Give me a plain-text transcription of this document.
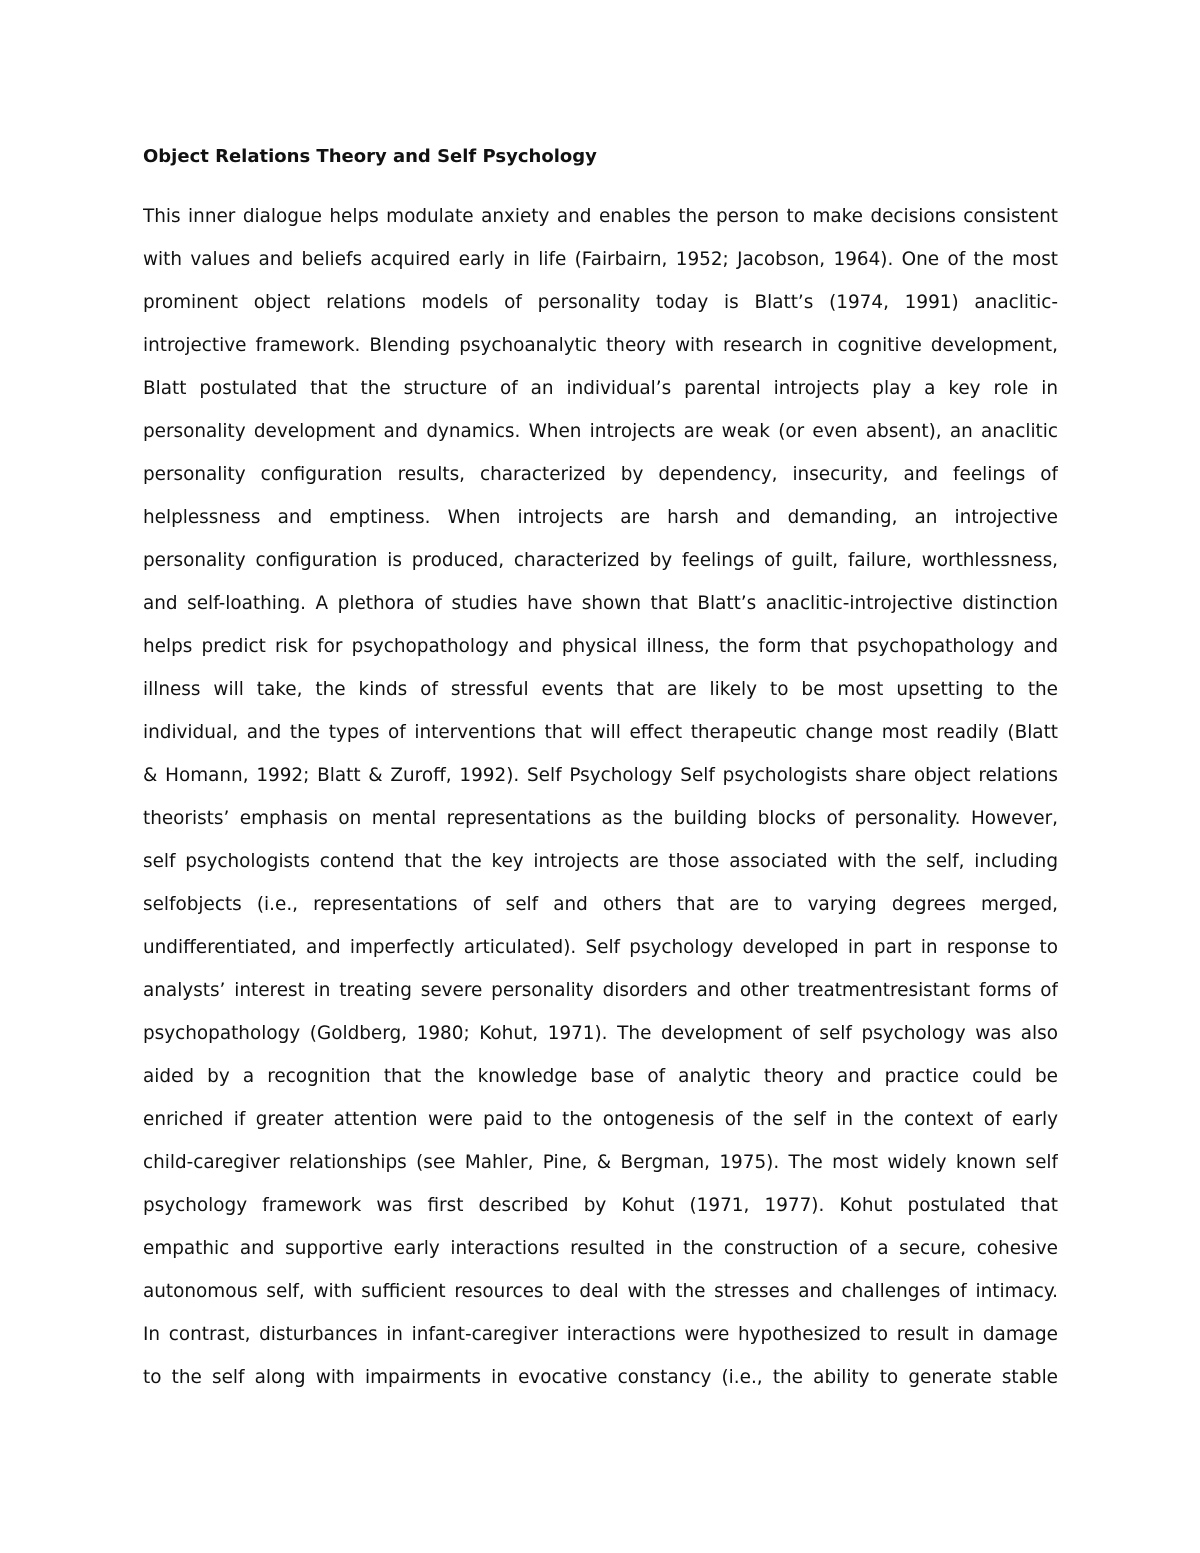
Object Relations Theory and Self Psychology
This inner dialogue helps modulate anxiety and enables the person to make decisions consistent
with values and beliefs acquired early in life (Fairbairn, 1952; Jacobson, 1964). One of the most
prominent object relations models of personality today is Blatt’s (1974, 1991) anaclitic-
introjective framework. Blending psychoanalytic theory with research in cognitive development,
Blatt postulated that the structure of an individual’s parental introjects play a key role in
personality development and dynamics. When introjects are weak (or even absent), an anaclitic
personality configuration results, characterized by dependency, insecurity, and feelings of
helplessness and emptiness. When introjects are harsh and demanding, an introjective
personality configuration is produced, characterized by feelings of guilt, failure, worthlessness,
and self-loathing. A plethora of studies have shown that Blatt’s anaclitic-introjective distinction
helps predict risk for psychopathology and physical illness, the form that psychopathology and
illness will take, the kinds of stressful events that are likely to be most upsetting to the
individual, and the types of interventions that will effect therapeutic change most readily (Blatt
& Homann, 1992; Blatt & Zuroff, 1992). Self Psychology Self psychologists share object relations
theorists’ emphasis on mental representations as the building blocks of personality. However,
self psychologists contend that the key introjects are those associated with the self, including
selfobjects (i.e., representations of self and others that are to varying degrees merged,
undifferentiated, and imperfectly articulated). Self psychology developed in part in response to
analysts’ interest in treating severe personality disorders and other treatmentresistant forms of
psychopathology (Goldberg, 1980; Kohut, 1971). The development of self psychology was also
aided by a recognition that the knowledge base of analytic theory and practice could be
enriched if greater attention were paid to the ontogenesis of the self in the context of early
child-caregiver relationships (see Mahler, Pine, & Bergman, 1975). The most widely known self
psychology framework was first described by Kohut (1971, 1977). Kohut postulated that
empathic and supportive early interactions resulted in the construction of a secure, cohesive
autonomous self, with sufficient resources to deal with the stresses and challenges of intimacy.
In contrast, disturbances in infant-caregiver interactions were hypothesized to result in damage
to the self along with impairments in evocative constancy (i.e., the ability to generate stable
